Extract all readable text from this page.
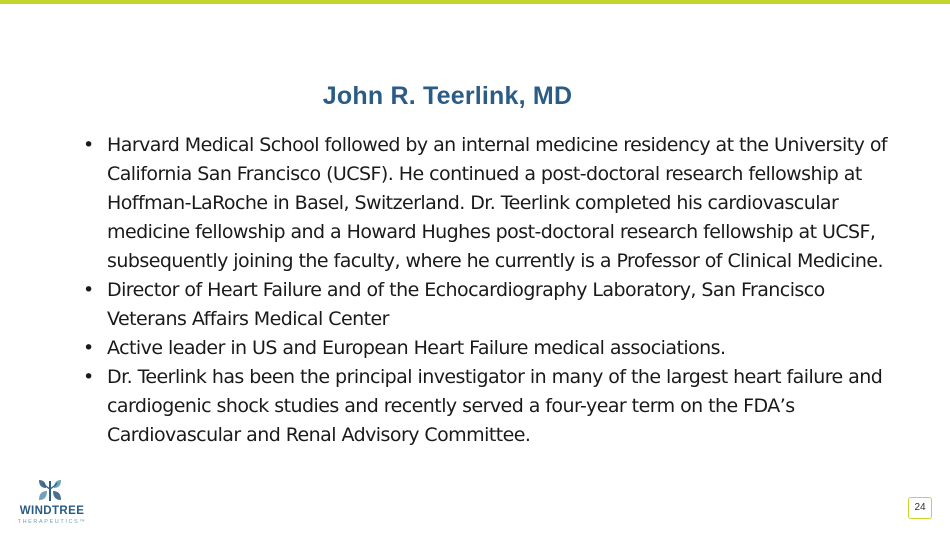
John R. Teerlink, MD
• Harvard Medical School followed by an internal medicine residency at the University of California San Francisco (UCSF). He continued a post-doctoral research fellowship at Hoffman-LaRoche in Basel, Switzerland. Dr. Teerlink completed his cardiovascular medicine fellowship and a Howard Hughes post-doctoral research fellowship at UCSF, subsequently joining the faculty, where he currently is a Professor of Clinical Medicine.
• Director of Heart Failure and of the Echocardiography Laboratory, San Francisco Veterans Affairs Medical Center
• Active leader in US and European Heart Failure medical associations.
• Dr. Teerlink has been the principal investigator in many of the largest heart failure and cardiogenic shock studies and recently served a four-year term on the FDA’s Cardiovascular and Renal Advisory Committee.
WINDTREE
THERAPEUTICS™
24
